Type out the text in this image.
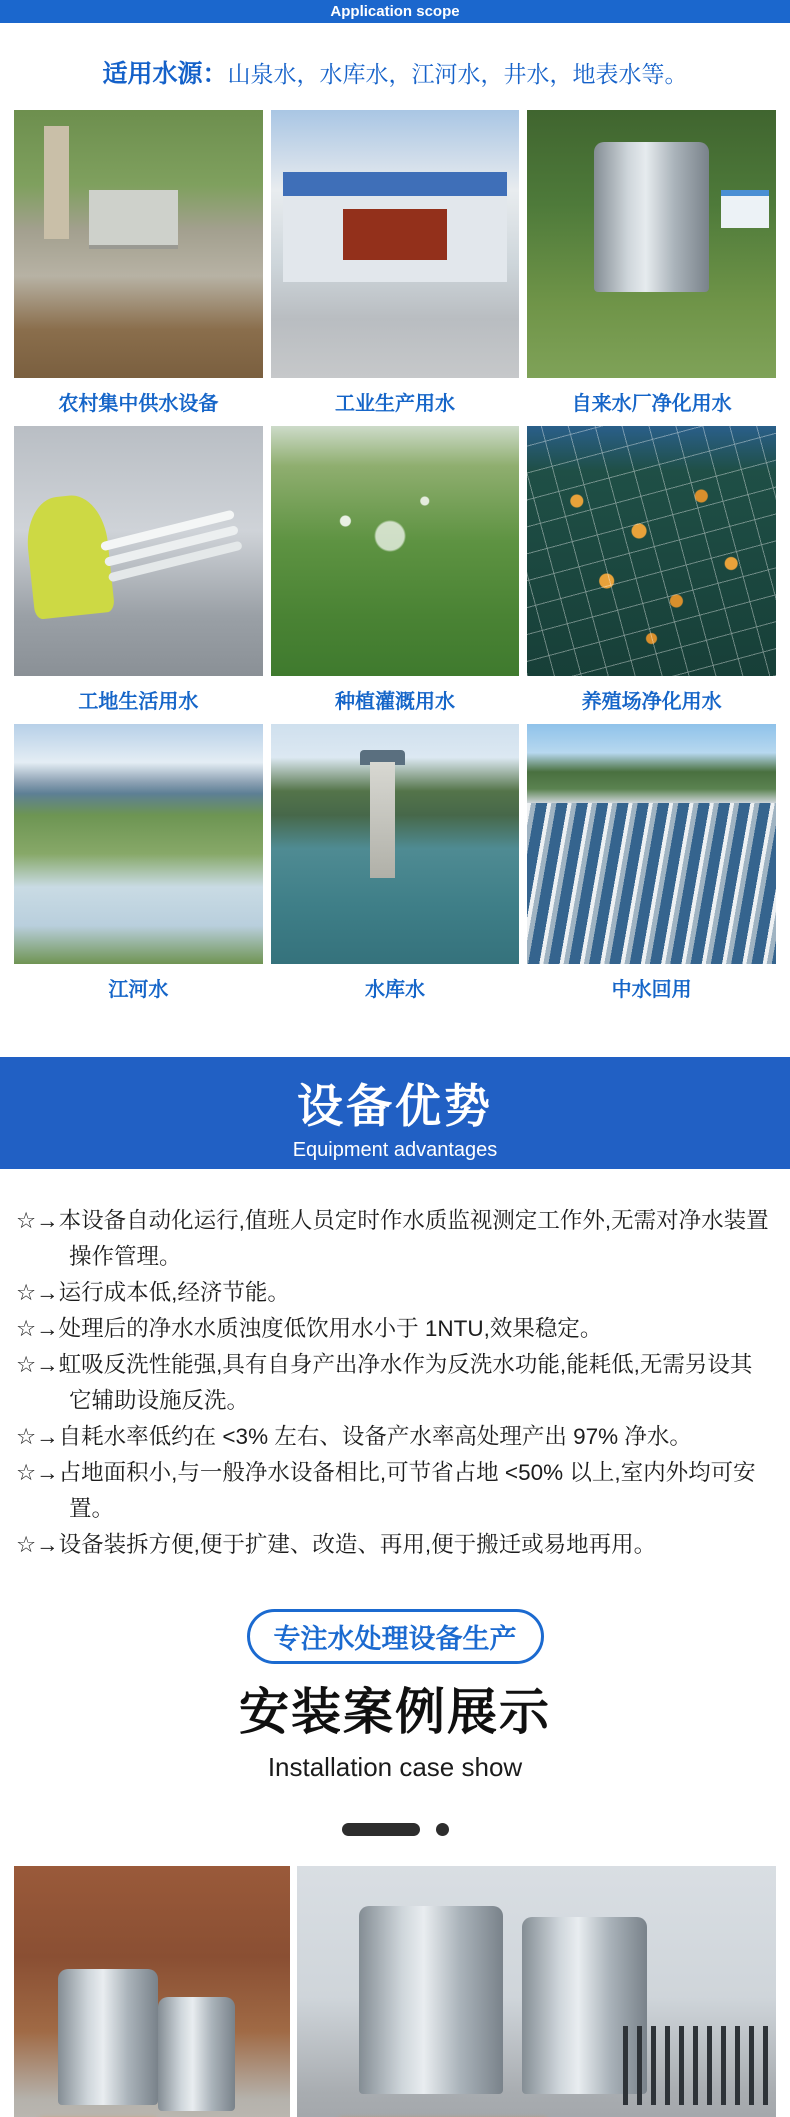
Application scope
适用水源：山泉水，水库水，江河水，井水，地表水等。
农村集中供水设备	工业生产用水	自来水厂净化用水
工地生活用水	种植灌溉用水	养殖场净化用水
江河水	水库水	中水回用
设备优势
Equipment advantages
☆→本设备自动化运行,值班人员定时作水质监视测定工作外,无需对净水装置操作管理。
☆→运行成本低,经济节能。
☆→处理后的净水水质浊度低饮用水小于 1NTU,效果稳定。
☆→虹吸反洗性能强,具有自身产出净水作为反洗水功能,能耗低,无需另设其它辅助设施反洗。
☆→自耗水率低约在 <3% 左右、设备产水率高处理产出 97% 净水。
☆→占地面积小,与一般净水设备相比,可节省占地 <50% 以上,室内外均可安置。
☆→设备装拆方便,便于扩建、改造、再用,便于搬迁或易地再用。
专注水处理设备生产
安装案例展示
Installation case show
